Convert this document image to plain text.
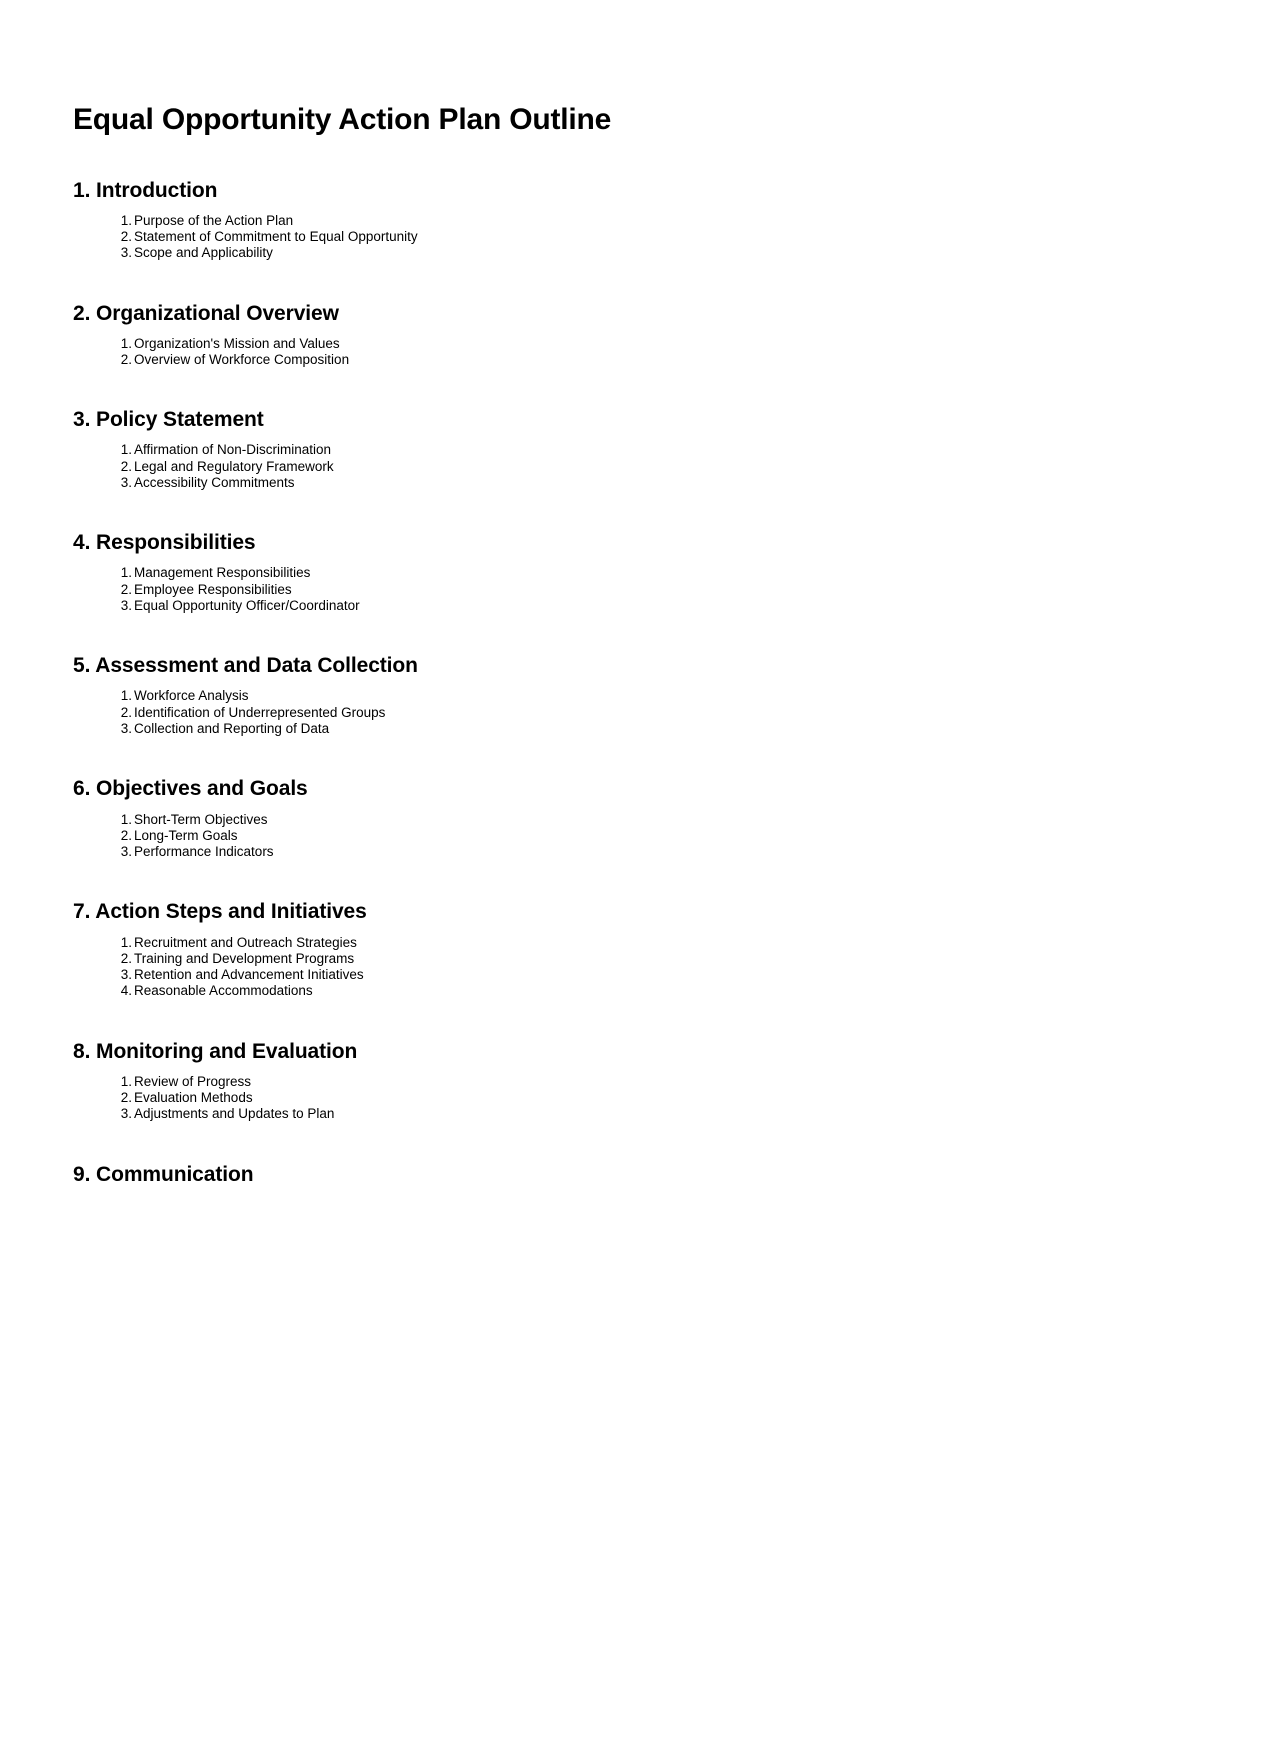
Equal Opportunity Action Plan Outline
1. Introduction
1. Purpose of the Action Plan
2. Statement of Commitment to Equal Opportunity
3. Scope and Applicability
2. Organizational Overview
1. Organization's Mission and Values
2. Overview of Workforce Composition
3. Policy Statement
1. Affirmation of Non-Discrimination
2. Legal and Regulatory Framework
3. Accessibility Commitments
4. Responsibilities
1. Management Responsibilities
2. Employee Responsibilities
3. Equal Opportunity Officer/Coordinator
5. Assessment and Data Collection
1. Workforce Analysis
2. Identification of Underrepresented Groups
3. Collection and Reporting of Data
6. Objectives and Goals
1. Short-Term Objectives
2. Long-Term Goals
3. Performance Indicators
7. Action Steps and Initiatives
1. Recruitment and Outreach Strategies
2. Training and Development Programs
3. Retention and Advancement Initiatives
4. Reasonable Accommodations
8. Monitoring and Evaluation
1. Review of Progress
2. Evaluation Methods
3. Adjustments and Updates to Plan
9. Communication
